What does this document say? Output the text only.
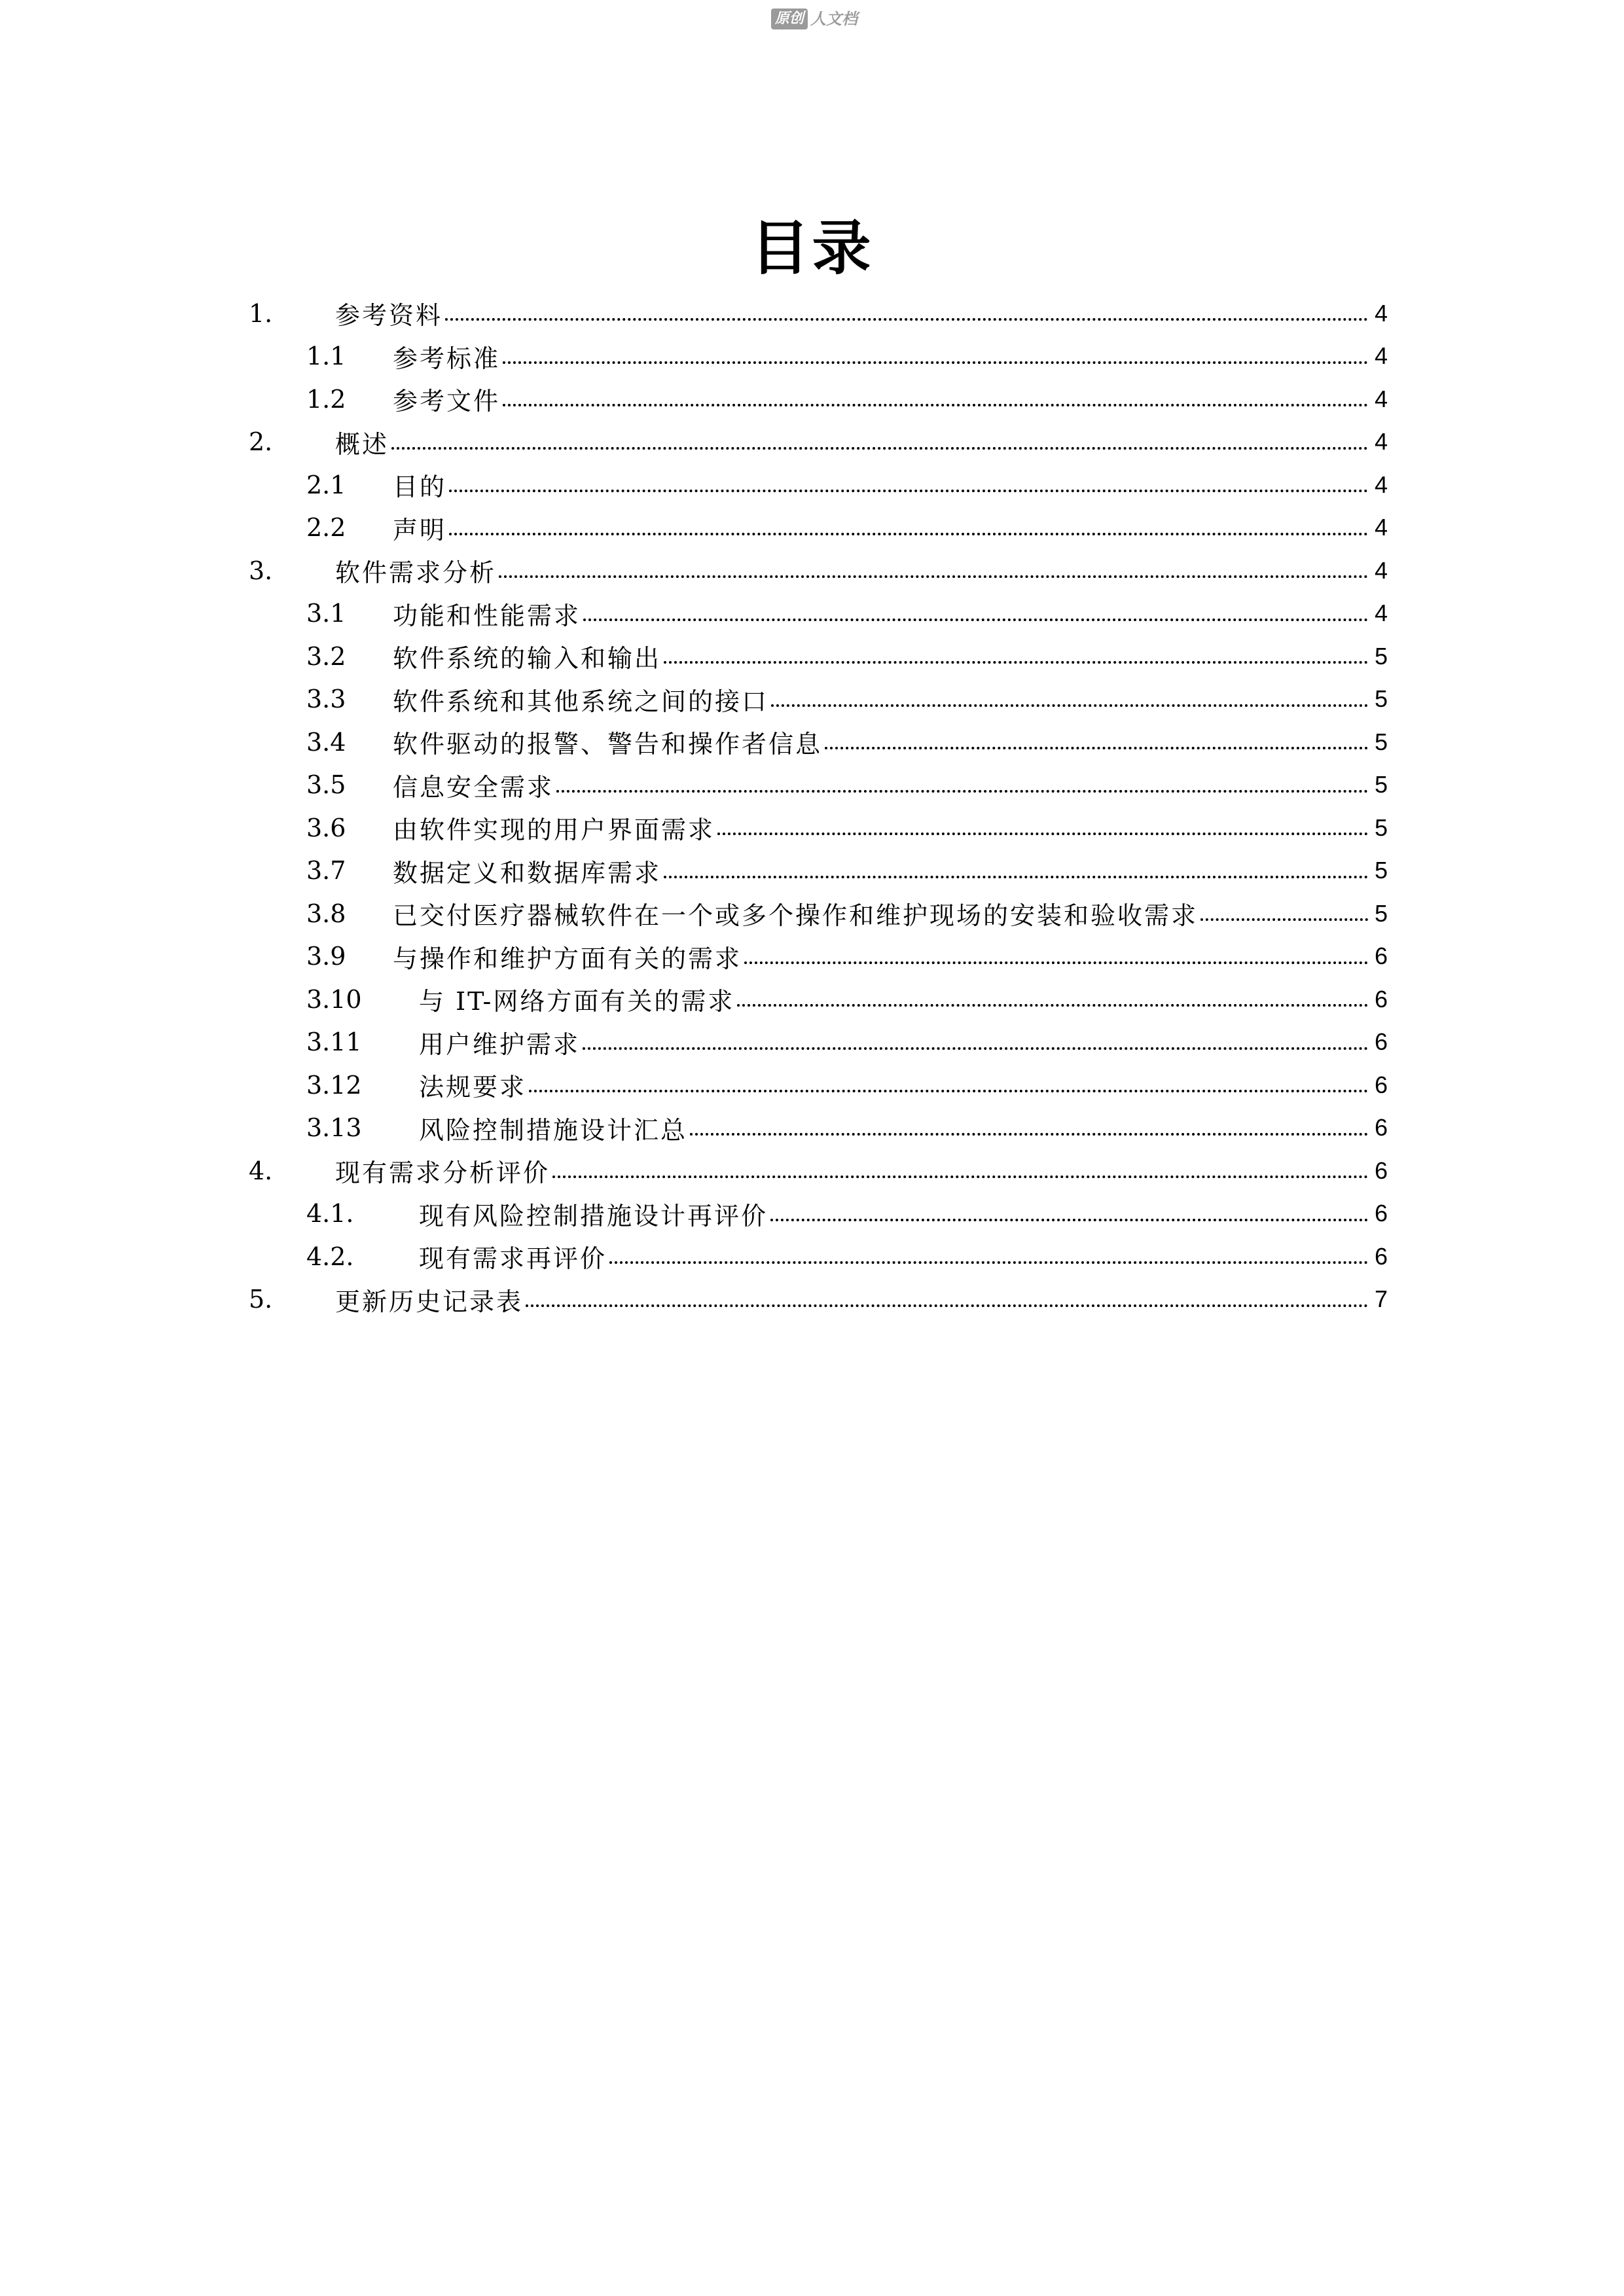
原创 人文档
目录
1.	参考资料	4
1.1 参考标准	4
1.2 参考文件	4
2.	概述	4
2.1 目的	4
2.2 声明	4
3.	软件需求分析	4
3.1 功能和性能需求	4
3.2 软件系统的输入和输出	5
3.3 软件系统和其他系统之间的接口	5
3.4 软件驱动的报警、警告和操作者信息	5
3.5 信息安全需求	5
3.6 由软件实现的用户界面需求	5
3.7 数据定义和数据库需求	5
3.8 已交付医疗器械软件在一个或多个操作和维护现场的安装和验收需求	5
3.9 与操作和维护方面有关的需求	6
3.10 与 IT-网络方面有关的需求	6
3.11 用户维护需求	6
3.12 法规要求	6
3.13 风险控制措施设计汇总	6
4.	现有需求分析评价	6
4.1.	现有风险控制措施设计再评价	6
4.2.	现有需求再评价	6
5.	更新历史记录表	7
